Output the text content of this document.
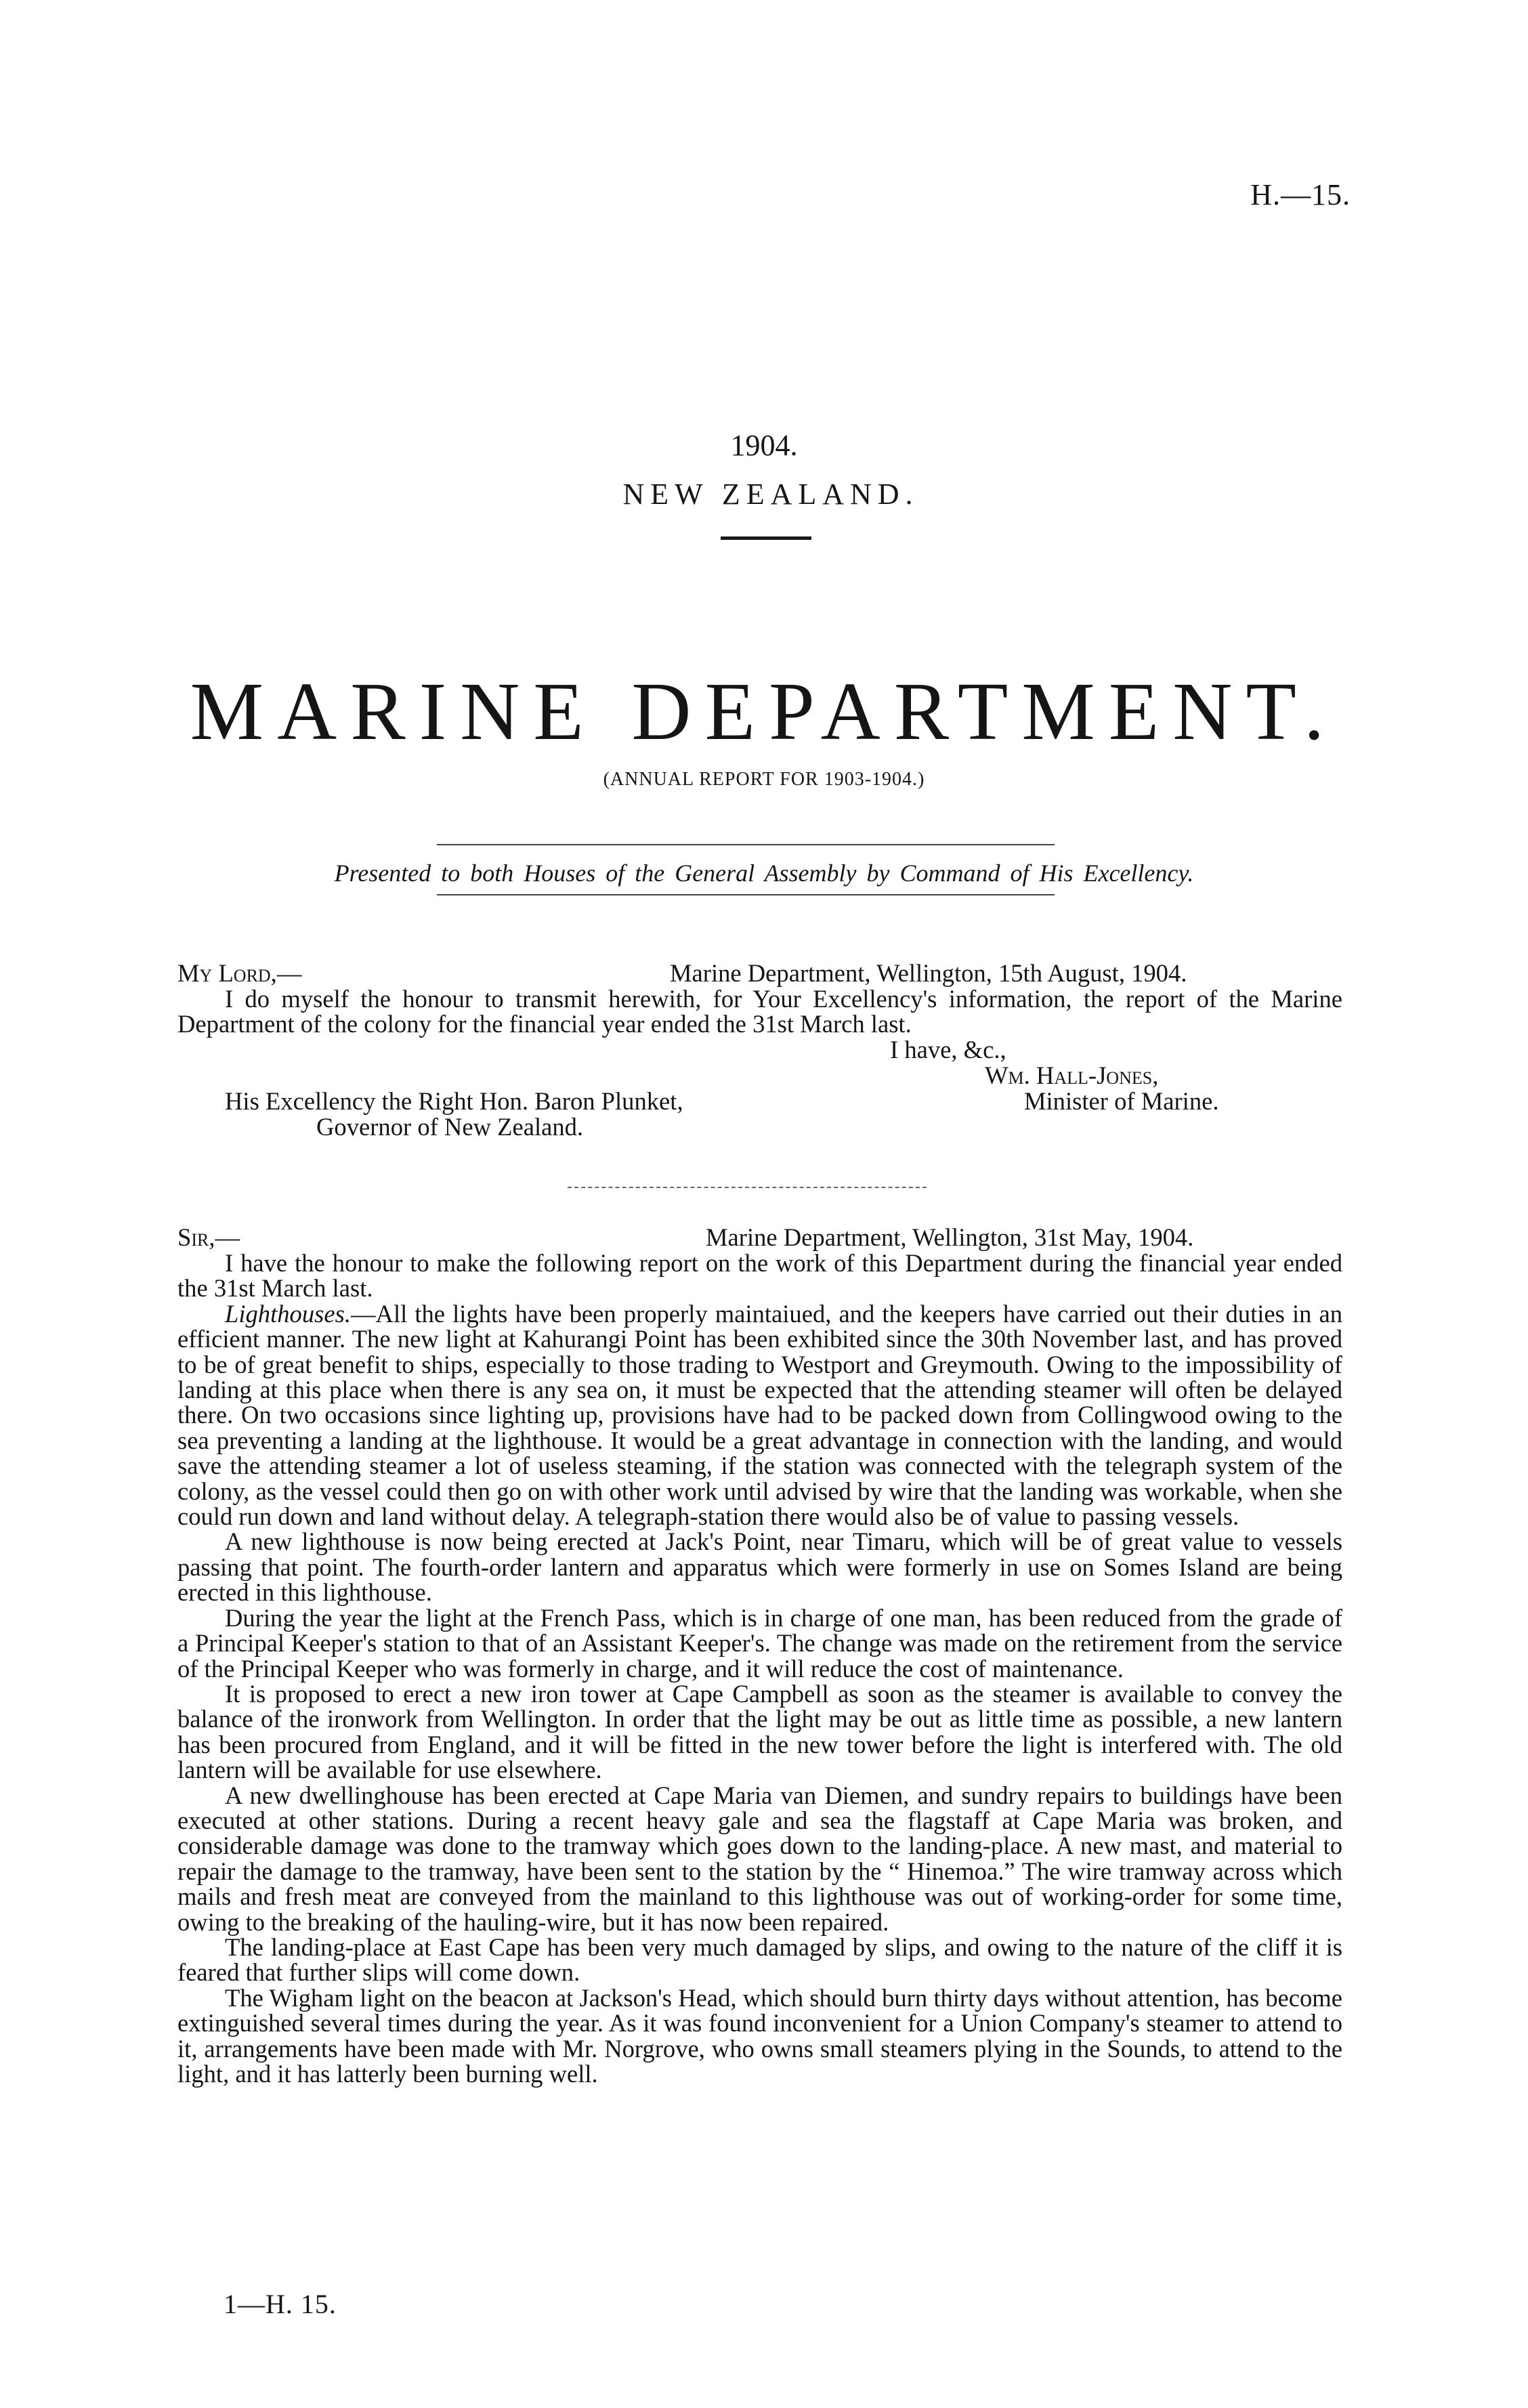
H.—15.
1904.
NEW ZEALAND.
MARINE DEPARTMENT.
(ANNUAL REPORT FOR 1903-1904.)
Presented to both Houses of the General Assembly by Command of His Excellency.
My Lord,—	Marine Department, Wellington, 15th August, 1904.

I do myself the honour to transmit herewith, for Your Excellency's information, the report of the Marine Department of the colony for the financial year ended the 31st March last.

I have, &c.,
Wm. Hall-Jones,
His Excellency the Right Hon. Baron Plunket,	Minister of Marine.
Governor of New Zealand.
Sir,—	Marine Department, Wellington, 31st May, 1904.

I have the honour to make the following report on the work of this Department during the financial year ended the 31st March last.

Lighthouses.—All the lights have been properly maintaiued, and the keepers have carried out their duties in an efficient manner. The new light at Kahurangi Point has been exhibited since the 30th November last, and has proved to be of great benefit to ships, especially to those trading to Westport and Greymouth. Owing to the impossibility of landing at this place when there is any sea on, it must be expected that the attending steamer will often be delayed there. On two occasions since lighting up, provisions have had to be packed down from Collingwood owing to the sea preventing a landing at the lighthouse. It would be a great advantage in connection with the landing, and would save the attending steamer a lot of useless steaming, if the station was connected with the telegraph system of the colony, as the vessel could then go on with other work until advised by wire that the landing was workable, when she could run down and land without delay. A telegraph-station there would also be of value to passing vessels.

A new lighthouse is now being erected at Jack's Point, near Timaru, which will be of great value to vessels passing that point. The fourth-order lantern and apparatus which were formerly in use on Somes Island are being erected in this lighthouse.

During the year the light at the French Pass, which is in charge of one man, has been reduced from the grade of a Principal Keeper's station to that of an Assistant Keeper's. The change was made on the retirement from the service of the Principal Keeper who was formerly in charge, and it will reduce the cost of maintenance.

It is proposed to erect a new iron tower at Cape Campbell as soon as the steamer is available to convey the balance of the ironwork from Wellington. In order that the light may be out as little time as possible, a new lantern has been procured from England, and it will be fitted in the new tower before the light is interfered with. The old lantern will be available for use elsewhere.

A new dwellinghouse has been erected at Cape Maria van Diemen, and sundry repairs to buildings have been executed at other stations. During a recent heavy gale and sea the flagstaff at Cape Maria was broken, and considerable damage was done to the tramway which goes down to the landing-place. A new mast, and material to repair the damage to the tramway, have been sent to the station by the “ Hinemoa.” The wire tramway across which mails and fresh meat are conveyed from the mainland to this lighthouse was out of working-order for some time, owing to the breaking of the hauling-wire, but it has now been repaired.

The landing-place at East Cape has been very much damaged by slips, and owing to the nature of the cliff it is feared that further slips will come down.

The Wigham light on the beacon at Jackson's Head, which should burn thirty days without attention, has become extinguished several times during the year. As it was found inconvenient for a Union Company's steamer to attend to it, arrangements have been made with Mr. Norgrove, who owns small steamers plying in the Sounds, to attend to the light, and it has latterly been burning well.

1—H. 15.
